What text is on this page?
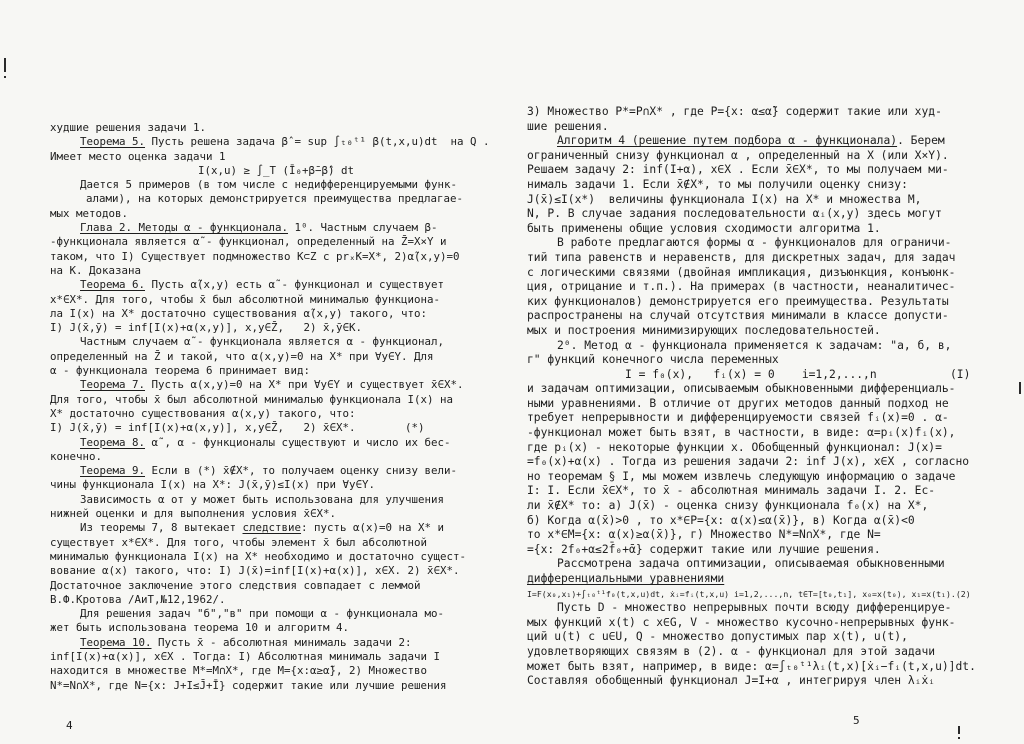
худшие решения задачи 1.
Теорема 5. Пусть решена задача β̂ = sup ∫ₜ₀ᵗ¹ β(t,x,u)dt  на Q .
Имеет место оценка задачи 1
I(x,u) ≥ ∫_T (Ī₀+β̄−β̂) dt
Дается 5 примеров (в том числе с недифференцируемыми функ-
алами), на которых демонстрируется преимущества предлагае-
мых методов.
Глава 2. Методы α - функционала. 1⁰. Частным случаем β-
-функционала является α̃ - функционал, определенный на Z̄=X×Y и
таком, что I) Существует подмножество K⊂Z с prₓK=X*, 2)α̃(x,y)=0
на К. Доказана
Теорема 6. Пусть α̃(x,y) есть α̃ - функционал и существует
x*∈X*. Для того, чтобы x̄ был абсолютной минималью функциона-
ла I(x) на X* достаточно существования α̃(x,y) такого, что:
I) J(x̄,ȳ) = inf[I(x)+α(x,y)], x,y∈Z̄,   2) x̄,ȳ∈K.
Частным случаем α̃ - функционала является α - функционал,
определенный на Z̄ и такой, что α(x,y)=0 на X* при ∀y∈Y. Для
α - функционала теорема 6 принимает вид:
Теорема 7. Пусть α(x,y)=0 на X* при ∀y∈Y и существует x̄∈X*.
Для того, чтобы x̄ был абсолютной минималью функционала I(x) на
X* достаточно существования α(x,y) такого, что:
I) J(x̄,ȳ) = inf[I(x)+α(x,y)], x,y∈Z̄,   2) x̄∈X*.	(*)
Теорема 8. α̃ , α - функционалы существуют и число их бес-
конечно.
Теорема 9. Если в (*) x̄∉X*, то получаем оценку снизу вели-
чины функционала I(x) на X*: J(x̄,ȳ)≤I(x) при ∀y∈Y.
Зависимость α от y может быть использована для улучшения
нижней оценки и для выполнения условия x̄∈X*.
Из теоремы 7, 8 вытекает следствие: пусть α(x)=0 на X* и
существует x*∈X*. Для того, чтобы элемент x̄ был абсолютной
минималью функционала I(x) на X* необходимо и достаточно сущест-
вование α(x) такого, что: I) J(x̄)=inf[I(x)+α(x)], x∈X. 2) x̄∈X*.
Достаточное заключение этого следствия совпадает с леммой
В.Ф.Кротова /АиТ,№12,1962/.
Для решения задач "б","в" при помощи α - функционала мо-
жет быть использована теорема 10 и алгоритм 4.
Теорема 10. Пусть x̄ - абсолютная минималь задачи 2:
inf[I(x)+α(x)], x∈X . Тогда: I) Абсолютная минималь задачи I
находится в множестве M*=M∩X*, где M={x:α≥α̃}, 2) Множество
N*=N∩X*, где N={x: J+I≤J̄+Ī} содержит такие или лучшие решения
4
3) Множество P*=P∩X* , где P={x: α≤α̃} содержит такие или худ-
шие решения.
Алгоритм 4 (решение путем подбора α - функционала). Берем
ограниченный снизу функционал α , определенный на X (или X×Y).
Решаем задачу 2: inf(I+α), x∈X . Если x̄∈X*, то мы получаем ми-
нималь задачи 1. Если x̄∉X*, то мы получили оценку снизу:
J(x̄)≤I(x*)  величины функционала I(x) на X* и множества M,
N, P. В случае задания последовательности αᵢ(x,y) здесь могут
быть применены общие условия сходимости алгоритма 1.
В работе предлагаются формы α - функционалов для ограничи-
тий типа равенств и неравенств, для дискретных задач, для задач
с логическими связями (двойная импликация, дизъюнкция, конъюнк-
ция, отрицание и т.п.). На примерах (в частности, неаналитичес-
ких функционалов) демонстрируется его преимущества. Результаты
распространены на случай отсутствия минимали в классе допусти-
мых и построения минимизирующих последовательностей.
2⁰. Метод α - функционала применяется к задачам: "а, б, в,
г" функций конечного числа переменных
I = f₀(x),   fᵢ(x) = 0    i=1,2,...,n	(I)
и задачам оптимизации, описываемым обыкновенными дифференциаль-
ными уравнениями. В отличие от других методов данный подход не
требует непрерывности и дифференцируемости связей fᵢ(x)=0 . α-
-функционал может быть взят, в частности, в виде: α=pᵢ(x)fᵢ(x),
где pᵢ(x) - некоторые функции x. Обобщенный функционал: J(x)=
=f₀(x)+α(x) . Тогда из решения задачи 2: inf J(x), x∈X , согласно
но теоремам § I, мы можем извлечь следующую информацию о задаче
I: I. Если x̄∈X*, то x̄ - абсолютная минималь задачи I. 2. Ес-
ли x̄∉X* то: а) J(x̄) - оценка снизу функционала f₀(x) на X*,
б) Когда α(x̄)>0 , то x*∈P={x: α(x)≤α(x̄)}, в) Когда α(x̄)<0
то x*∈M={x: α(x)≥α(x̄)}, г) Множество N*=N∩X*, где N=
={x: 2f₀+α≤2f̄₀+ᾱ} содержит такие или лучшие решения.
Рассмотрена задача оптимизации, описываемая обыкновенными
дифференциальными уравнениями
I=F(x₀,x₁)+∫ₜ₀ᵗ¹f₀(t,x,u)dt, ẋᵢ=fᵢ(t,x,u) i=1,2,...,n, t∈T=[t₀,t₁], x₀=x(t₀), x₁=x(t₁).(2)
Пусть D - множество непрерывных почти всюду дифференцируе-
мых функций x(t) с x∈G, V - множество кусочно-непрерывных функ-
ций u(t) с u∈U, Q - множество допустимых пар x(t), u(t),
удовлетворяющих связям в (2). α - функционал для этой задачи
может быть взят, например, в виде: α=∫ₜ₀ᵗ¹λᵢ(t,x)[ẋᵢ−fᵢ(t,x,u)]dt.
Составляя обобщенный функционал J=I+α , интегрируя член λᵢẋᵢ
5
